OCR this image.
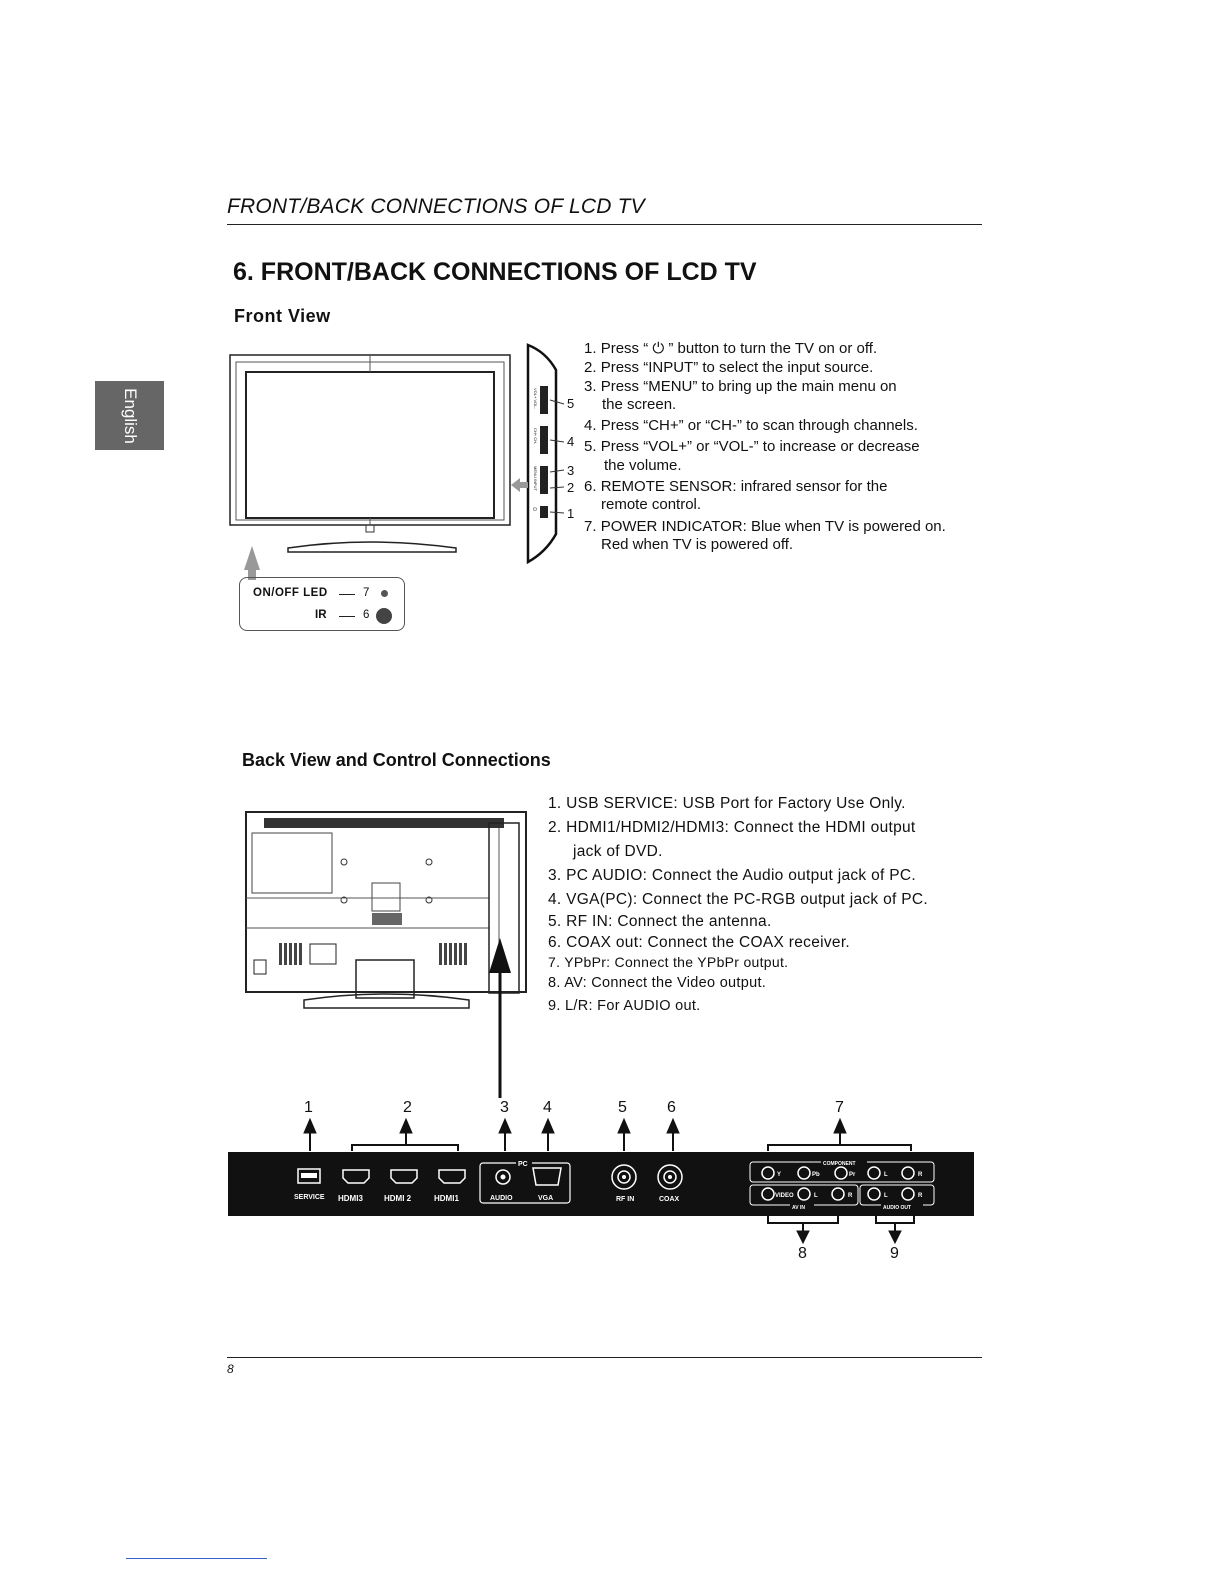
FRONT/BACK CONNECTIONS OF LCD TV
English
6. FRONT/BACK CONNECTIONS OF LCD TV
Front View
5
4
3
2
1
VOL+ VOL-
CH+ CH-
MENU INPUT
⏻
ON/OFF LED	7
IR	6
1. Press “ ⏻ ” button to turn the TV on or off.
2. Press “INPUT” to select the input source.
3. Press “MENU” to bring up the main menu on
the screen.
4. Press “CH+” or “CH-” to scan through channels.
5. Press “VOL+” or “VOL-” to increase or decrease
the volume.
6. REMOTE SENSOR: infrared sensor for the
remote control.
7. POWER INDICATOR: Blue when TV is powered on.
Red when TV is powered off.
Back View and Control Connections
1. USB SERVICE: USB Port for Factory Use Only.
2. HDMI1/HDMI2/HDMI3: Connect the HDMI output
jack of DVD.
3. PC AUDIO: Connect the Audio output jack of PC.
4. VGA(PC): Connect the PC-RGB output jack of PC.
5. RF IN: Connect the antenna.
6. COAX out: Connect the COAX receiver.
7. YPbPr: Connect the YPbPr output.
8. AV: Connect the Video output.
9. L/R: For AUDIO out.
1	2	3 4	5	6	7
SERVICE HDMI3	HDMI 2	HDMI1
PC
AUDIO	VGA	RF IN	COAX
COMPONENT
Y	Pb	Pr	L	R
VIDEO	L	R	L	R
AV IN	AUDIO OUT
8	9
8
